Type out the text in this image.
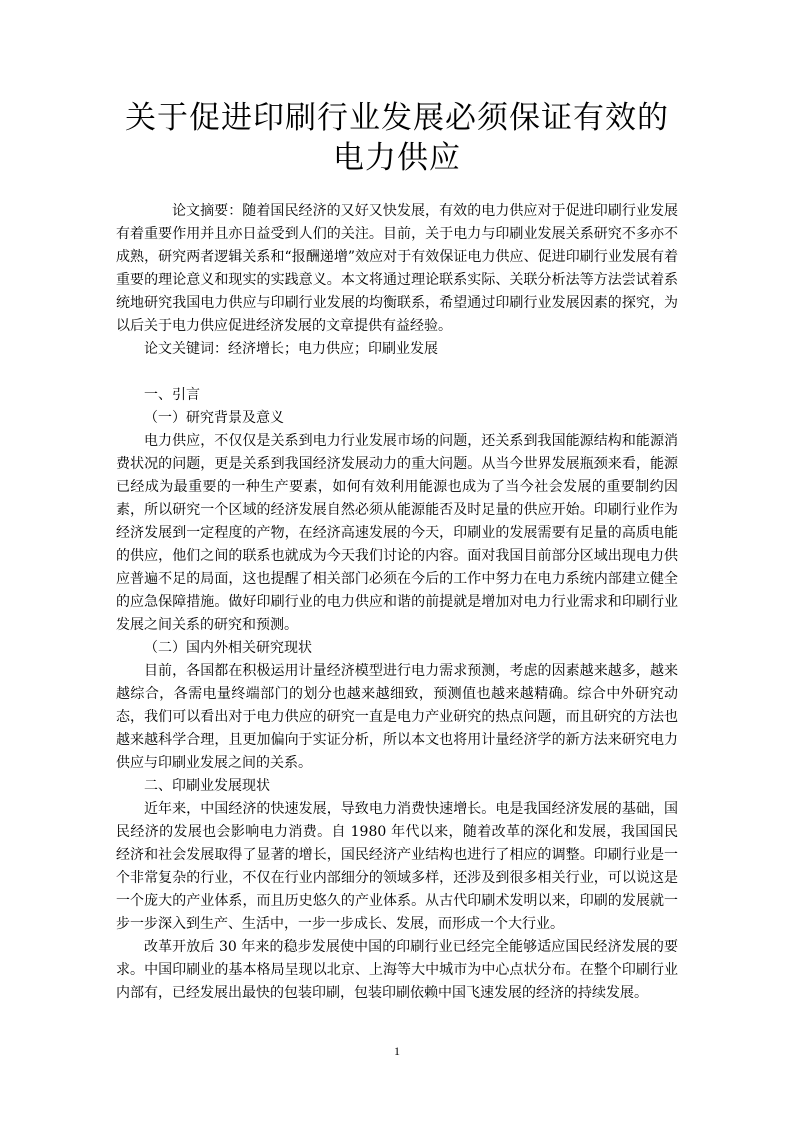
关于促进印刷行业发展必须保证有效的
电力供应

论文摘要：随着国民经济的又好又快发展，有效的电力供应对于促进印刷行业发展有着重要作用并且亦日益受到人们的关注。目前，关于电力与印刷业发展关系研究不多亦不成熟，研究两者逻辑关系和“报酬递增”效应对于有效保证电力供应、促进印刷行业发展有着重要的理论意义和现实的实践意义。本文将通过理论联系实际、关联分析法等方法尝试着系统地研究我国电力供应与印刷行业发展的均衡联系，希望通过印刷行业发展因素的探究，为以后关于电力供应促进经济发展的文章提供有益经验。

论文关键词：经济增长；电力供应；印刷业发展

一、引言

（一）研究背景及意义

电力供应，不仅仅是关系到电力行业发展市场的问题，还关系到我国能源结构和能源消费状况的问题，更是关系到我国经济发展动力的重大问题。从当今世界发展瓶颈来看，能源已经成为最重要的一种生产要素，如何有效利用能源也成为了当今社会发展的重要制约因素，所以研究一个区域的经济发展自然必须从能源能否及时足量的供应开始。印刷行业作为经济发展到一定程度的产物，在经济高速发展的今天，印刷业的发展需要有足量的高质电能的供应，他们之间的联系也就成为今天我们讨论的内容。面对我国目前部分区域出现电力供应普遍不足的局面，这也提醒了相关部门必须在今后的工作中努力在电力系统内部建立健全的应急保障措施。做好印刷行业的电力供应和谐的前提就是增加对电力行业需求和印刷行业发展之间关系的研究和预测。

（二）国内外相关研究现状

目前，各国都在积极运用计量经济模型进行电力需求预测，考虑的因素越来越多，越来越综合，各需电量终端部门的划分也越来越细致，预测值也越来越精确。综合中外研究动态，我们可以看出对于电力供应的研究一直是电力产业研究的热点问题，而且研究的方法也越来越科学合理，且更加偏向于实证分析，所以本文也将用计量经济学的新方法来研究电力供应与印刷业发展之间的关系。

二、印刷业发展现状

近年来，中国经济的快速发展，导致电力消费快速增长。电是我国经济发展的基础，国民经济的发展也会影响电力消费。自 1980 年代以来，随着改革的深化和发展，我国国民经济和社会发展取得了显著的增长，国民经济产业结构也进行了相应的调整。印刷行业是一个非常复杂的行业，不仅在行业内部细分的领域多样，还涉及到很多相关行业，可以说这是一个庞大的产业体系，而且历史悠久的产业体系。从古代印刷术发明以来，印刷的发展就一步一步深入到生产、生活中，一步一步成长、发展，而形成一个大行业。

改革开放后 30 年来的稳步发展使中国的印刷行业已经完全能够适应国民经济发展的要求。中国印刷业的基本格局呈现以北京、上海等大中城市为中心点状分布。在整个印刷行业内部有，已经发展出最快的包装印刷，包装印刷依赖中国飞速发展的经济的持续发展。

1
